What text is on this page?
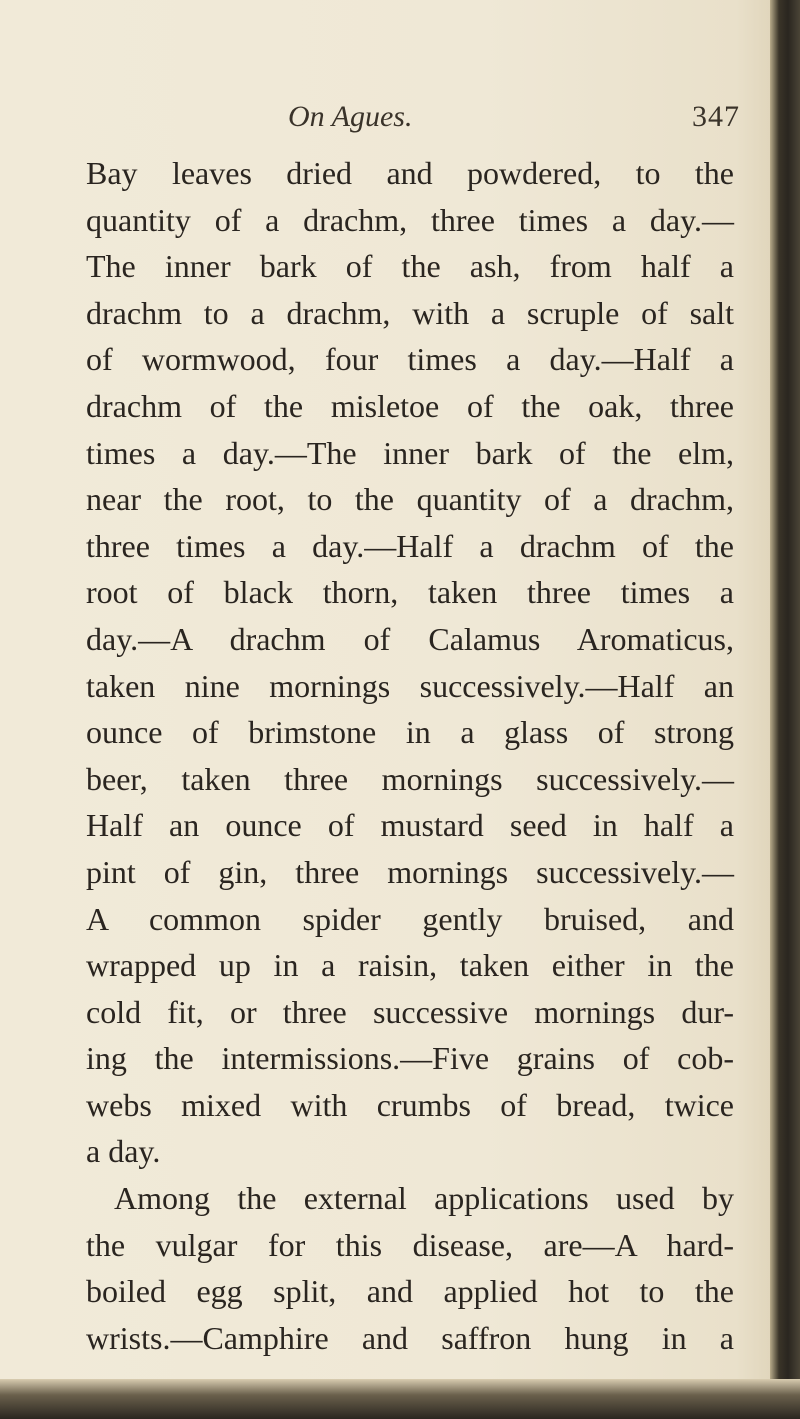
On Agues.	347
Bay leaves dried and powdered, to the
quantity of a drachm, three times a day.—
The inner bark of the ash, from half a
drachm to a drachm, with a scruple of salt
of wormwood, four times a day.—Half a
drachm of the misletoe of the oak, three
times a day.—The inner bark of the elm,
near the root, to the quantity of a drachm,
three times a day.—Half a drachm of the
root of black thorn, taken three times a
day.—A drachm of Calamus Aromaticus,
taken nine mornings successively.—Half an
ounce of brimstone in a glass of strong
beer, taken three mornings successively.—
Half an ounce of mustard seed in half a
pint of gin, three mornings successively.—
A common spider gently bruised, and
wrapped up in a raisin, taken either in the
cold fit, or three successive mornings dur-
ing the intermissions.—Five grains of cob-
webs mixed with crumbs of bread, twice
a day.
Among the external applications used by
the vulgar for this disease, are—A hard-
boiled egg split, and applied hot to the
wrists.—Camphire and saffron hung in a
